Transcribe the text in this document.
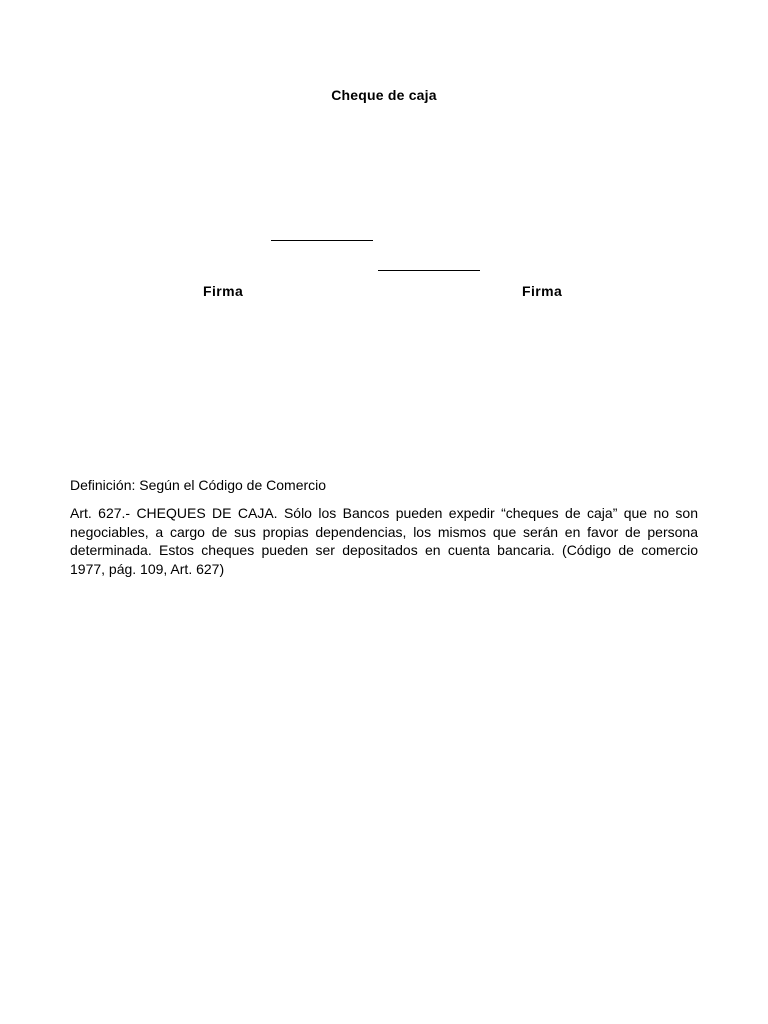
Cheque de caja
Firma	Firma
Definición: Según el Código de Comercio
Art. 627.- CHEQUES DE CAJA. Sólo los Bancos pueden expedir “cheques de caja” que no son negociables, a cargo de sus propias dependencias, los mismos que serán en favor de persona determinada. Estos cheques pueden ser depositados en cuenta bancaria. (Código de comercio 1977, pág. 109, Art. 627)
